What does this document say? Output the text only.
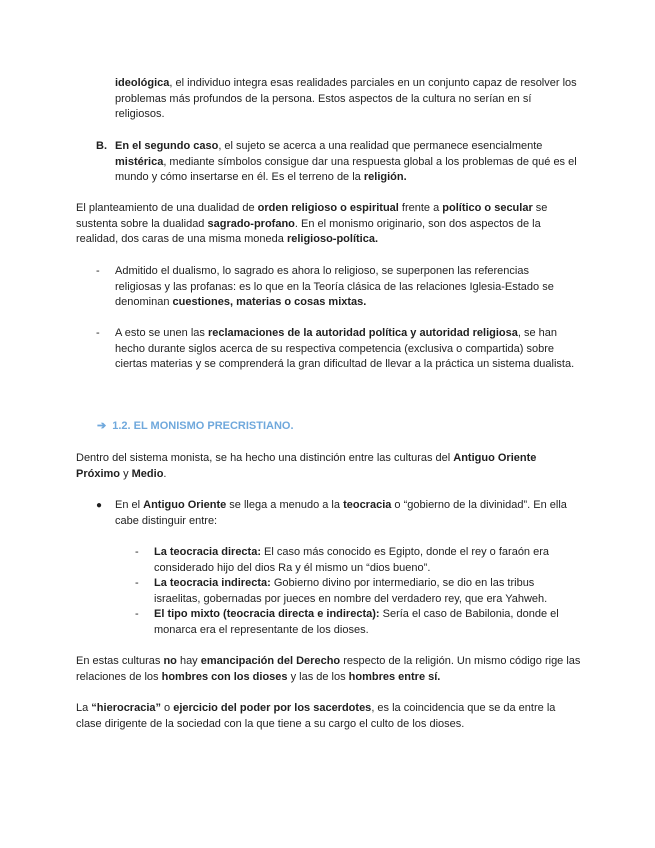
ideológica, el individuo integra esas realidades parciales en un conjunto capaz de resolver los problemas más profundos de la persona. Estos aspectos de la cultura no serían en sí religiosos.

B. En el segundo caso, el sujeto se acerca a una realidad que permanece esencialmente mistérica, mediante símbolos consigue dar una respuesta global a los problemas de qué es el mundo y cómo insertarse en él. Es el terreno de la religión.

El planteamiento de una dualidad de orden religioso o espiritual frente a político o secular se sustenta sobre la dualidad sagrado-profano. En el monismo originario, son dos aspectos de la realidad, dos caras de una misma moneda religioso-política.

- Admitido el dualismo, lo sagrado es ahora lo religioso, se superponen las referencias religiosas y las profanas: es lo que en la Teoría clásica de las relaciones Iglesia-Estado se denominan cuestiones, materias o cosas mixtas.

- A esto se unen las reclamaciones de la autoridad política y autoridad religiosa, se han hecho durante siglos acerca de su respectiva competencia (exclusiva o compartida) sobre ciertas materias y se comprenderá la gran dificultad de llevar a la práctica un sistema dualista.

➔ 1.2. EL MONISMO PRECRISTIANO.

Dentro del sistema monista, se ha hecho una distinción entre las culturas del Antiguo Oriente Próximo y Medio.

● En el Antiguo Oriente se llega a menudo a la teocracia o “gobierno de la divinidad”. En ella cabe distinguir entre:

- La teocracia directa: El caso más conocido es Egipto, donde el rey o faraón era considerado hijo del dios Ra y él mismo un “dios bueno”.

- La teocracia indirecta: Gobierno divino por intermediario, se dio en las tribus israelitas, gobernadas por jueces en nombre del verdadero rey, que era Yahweh.

- El tipo mixto (teocracia directa e indirecta): Sería el caso de Babilonia, donde el monarca era el representante de los dioses.

En estas culturas no hay emancipación del Derecho respecto de la religión. Un mismo código rige las relaciones de los hombres con los dioses y las de los hombres entre sí.

La “hierocracia” o ejercicio del poder por los sacerdotes, es la coincidencia que se da entre la clase dirigente de la sociedad con la que tiene a su cargo el culto de los dioses.
